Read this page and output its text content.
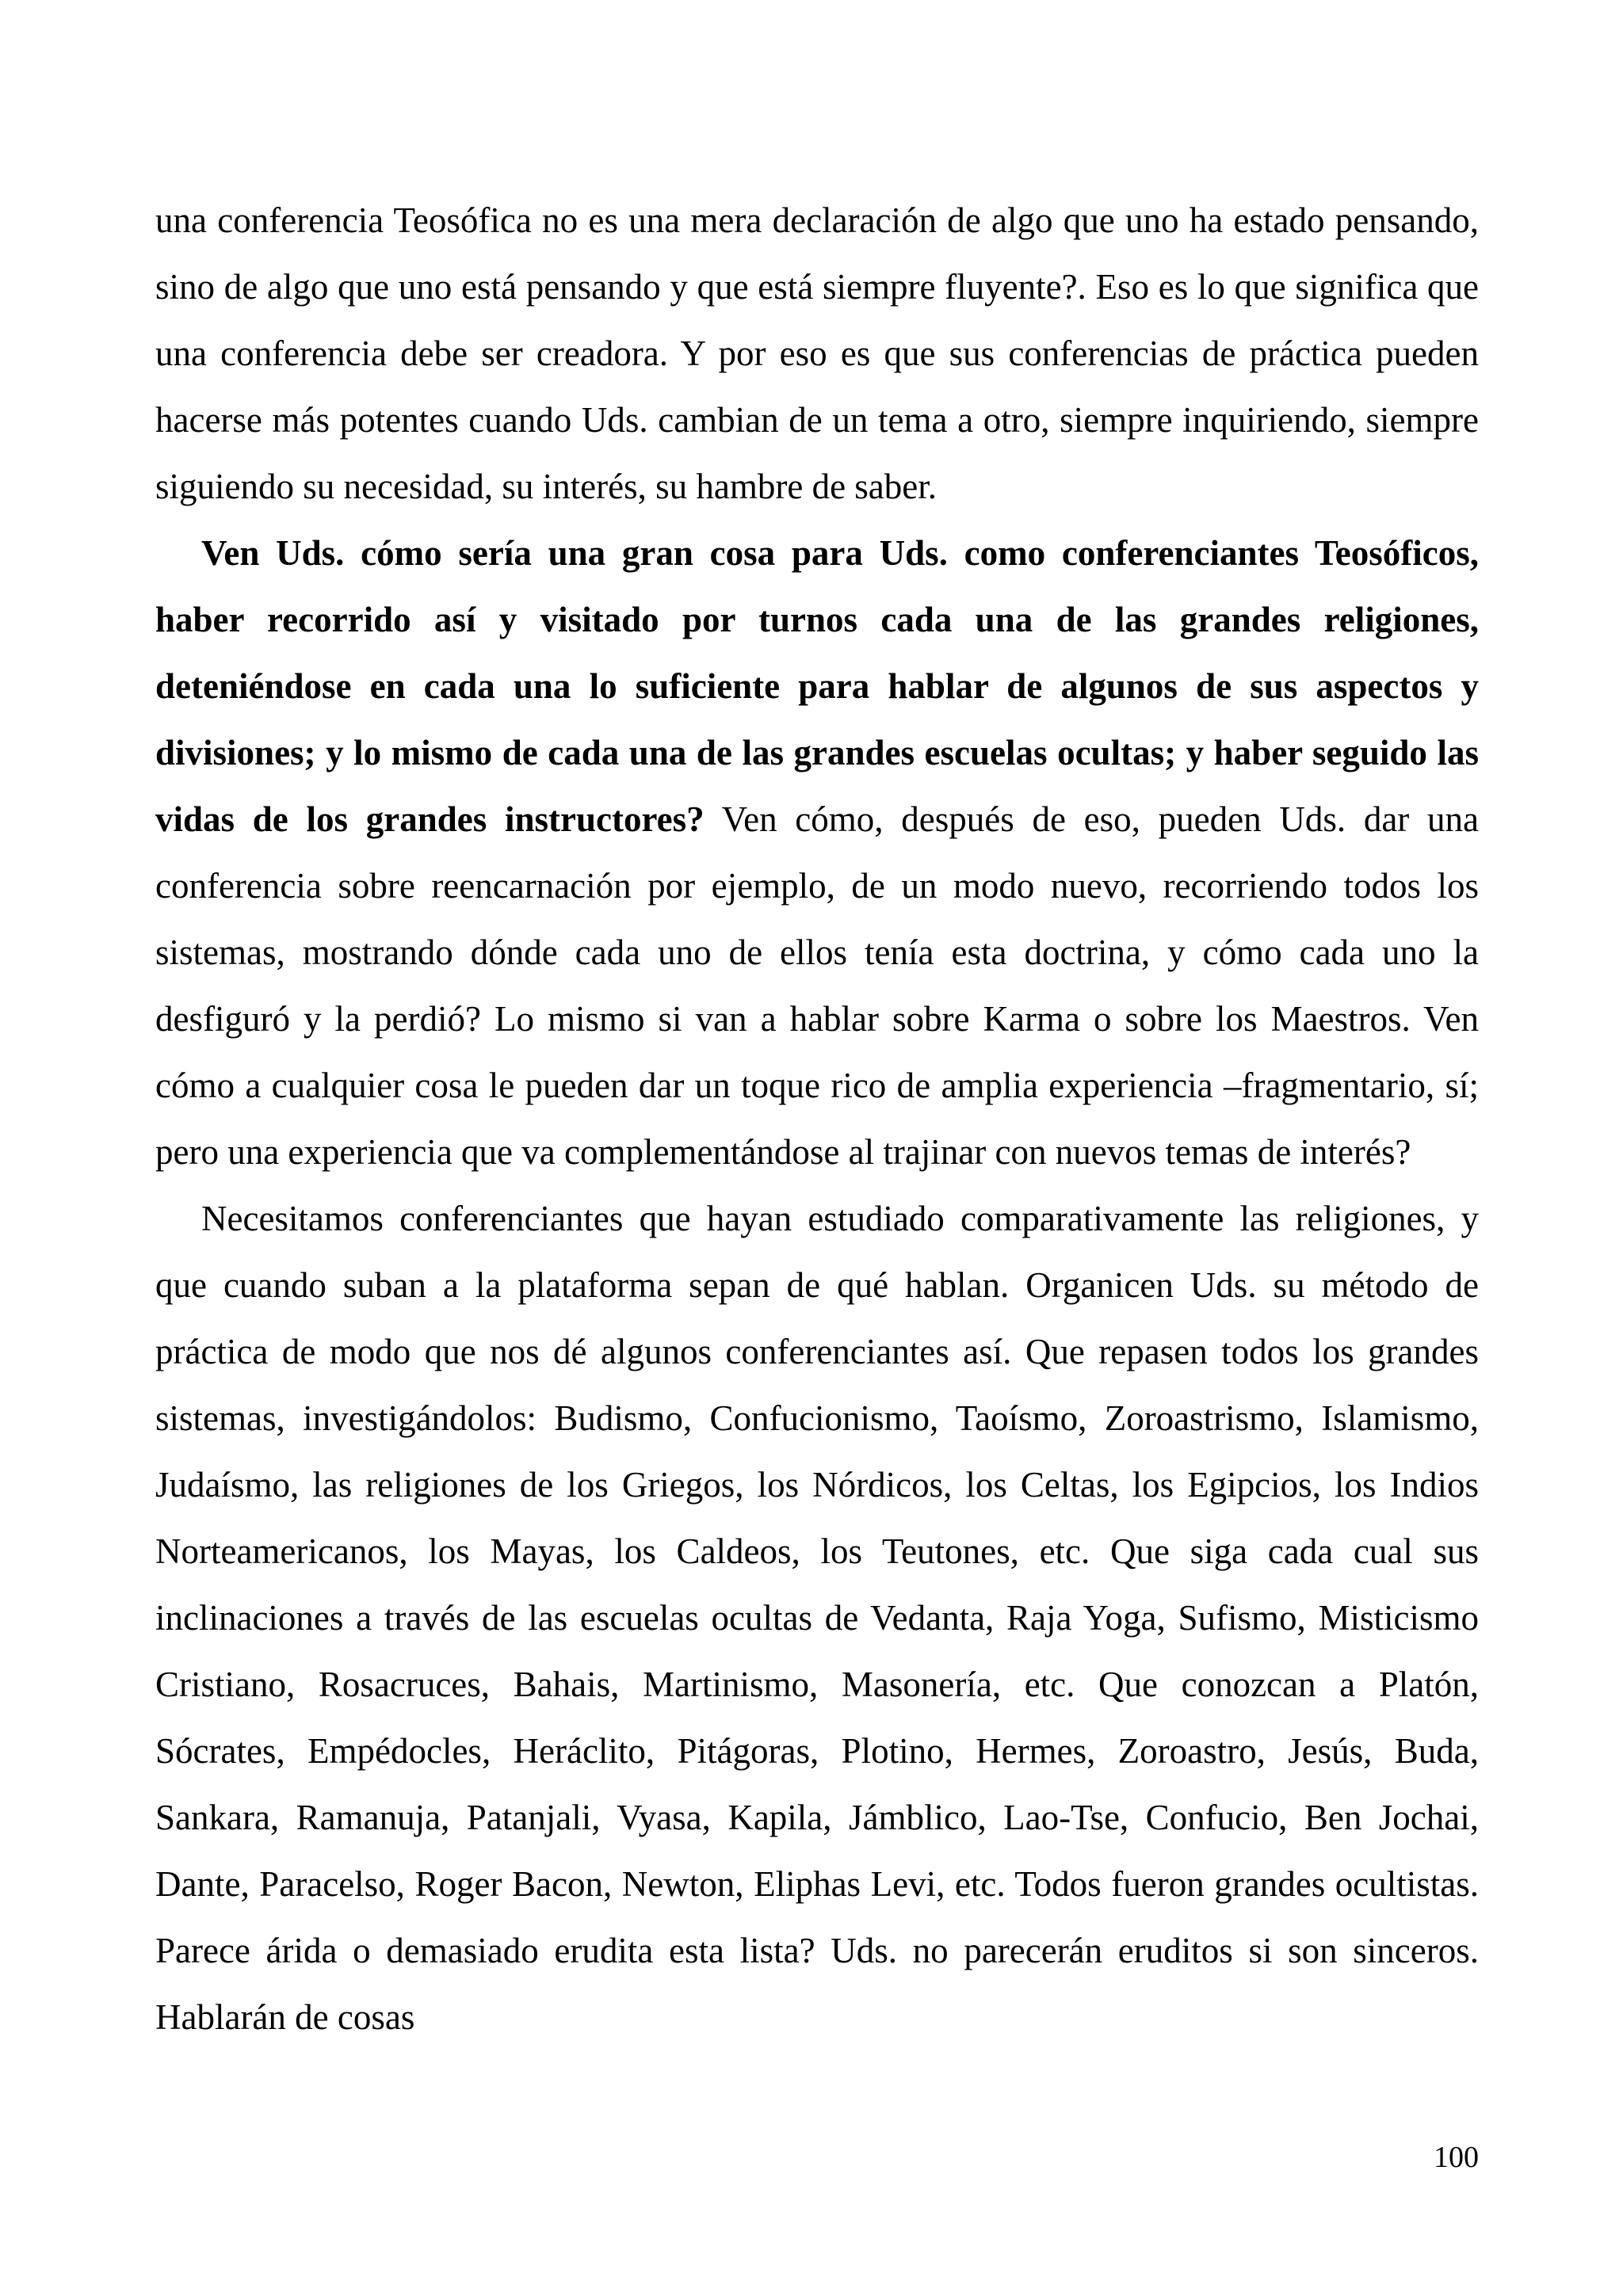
una conferencia Teosófica no es una mera declaración de algo que uno ha estado pensando, sino de algo que uno está pensando y que está siempre fluyente?. Eso es lo que significa que una conferencia debe ser creadora. Y por eso es que sus conferencias de práctica pueden hacerse más potentes cuando Uds. cambian de un tema a otro, siempre inquiriendo, siempre siguiendo su necesidad, su interés, su hambre de saber.

Ven Uds. cómo sería una gran cosa para Uds. como conferenciantes Teosóficos, haber recorrido así y visitado por turnos cada una de las grandes religiones, deteniéndose en cada una lo suficiente para hablar de algunos de sus aspectos y divisiones; y lo mismo de cada una de las grandes escuelas ocultas; y haber seguido las vidas de los grandes instructores? Ven cómo, después de eso, pueden Uds. dar una conferencia sobre reencarnación por ejemplo, de un modo nuevo, recorriendo todos los sistemas, mostrando dónde cada uno de ellos tenía esta doctrina, y cómo cada uno la desfiguró y la perdió? Lo mismo si van a hablar sobre Karma o sobre los Maestros. Ven cómo a cualquier cosa le pueden dar un toque rico de amplia experiencia –fragmentario, sí; pero una experiencia que va complementándose al trajinar con nuevos temas de interés?

Necesitamos conferenciantes que hayan estudiado comparativamente las religiones, y que cuando suban a la plataforma sepan de qué hablan. Organicen Uds. su método de práctica de modo que nos dé algunos conferenciantes así. Que repasen todos los grandes sistemas, investigándolos: Budismo, Confucionismo, Taoísmo, Zoroastrismo, Islamismo, Judaísmo, las religiones de los Griegos, los Nórdicos, los Celtas, los Egipcios, los Indios Norteamericanos, los Mayas, los Caldeos, los Teutones, etc. Que siga cada cual sus inclinaciones a través de las escuelas ocultas de Vedanta, Raja Yoga, Sufismo, Misticismo Cristiano, Rosacruces, Bahais, Martinismo, Masonería, etc. Que conozcan a Platón, Sócrates, Empédocles, Heráclito, Pitágoras, Plotino, Hermes, Zoroastro, Jesús, Buda, Sankara, Ramanuja, Patanjali, Vyasa, Kapila, Jámblico, Lao-Tse, Confucio, Ben Jochai, Dante, Paracelso, Roger Bacon, Newton, Eliphas Levi, etc. Todos fueron grandes ocultistas. Parece árida o demasiado erudita esta lista? Uds. no parecerán eruditos si son sinceros. Hablarán de cosas

100
